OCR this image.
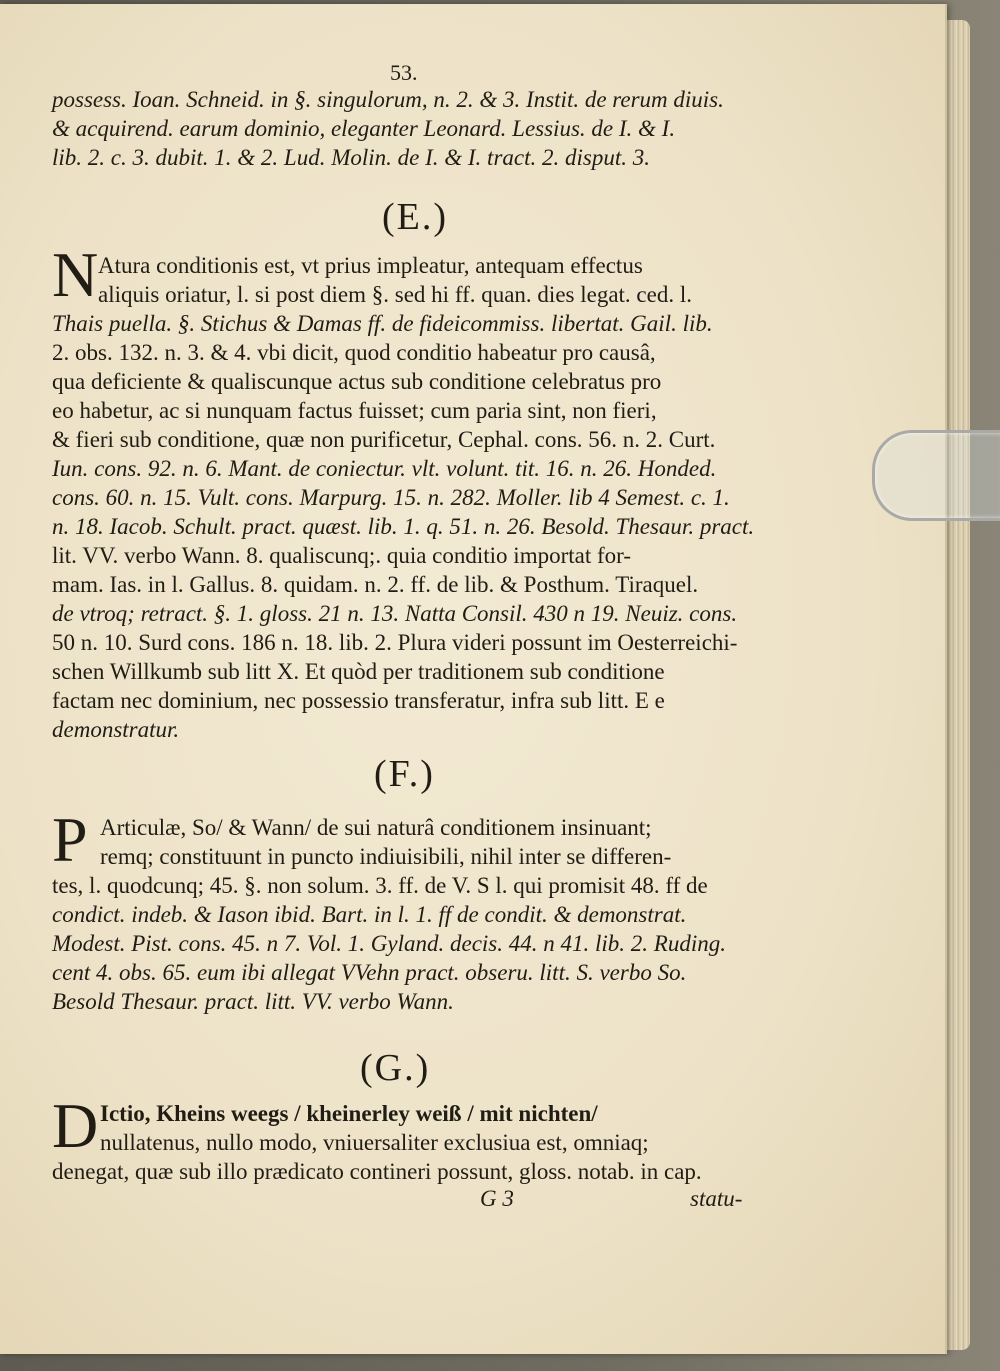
53.
possess. Ioan. Schneid. in §. singulorum, n. 2. & 3. Instit. de rerum diuis.
& acquirend. earum dominio, eleganter Leonard. Lessius. de I. & I.
lib. 2. c. 3. dubit. 1. & 2. Lud. Molin. de I. & I. tract. 2. disput. 3.
(E.)
N Atura conditionis est, vt prius impleatur, antequam effectus
aliquis oriatur, l. si post diem §. sed hi ff. quan. dies legat. ced. l.
Thais puella. §. Stichus & Damas ff. de fideicommiss. libertat. Gail. lib.
2. obs. 132. n. 3. & 4. vbi dicit, quod conditio habeatur pro causâ,
qua deficiente & qualiscunque actus sub conditione celebratus pro
eo habetur, ac si nunquam factus fuisset; cum paria sint, non fieri,
& fieri sub conditione, quæ non purificetur, Cephal. cons. 56. n. 2. Curt.
Iun. cons. 92. n. 6. Mant. de coniectur. vlt. volunt. tit. 16. n. 26. Honded.
cons. 60. n. 15. Vult. cons. Marpurg. 15. n. 282. Moller. lib 4 Semest. c. 1.
n. 18. Iacob. Schult. pract. quæst. lib. 1. q. 51. n. 26. Besold. Thesaur. pract.
lit. VV. verbo Wann. 8. qualiscunq;. quia conditio importat for-
mam. Ias. in l. Gallus. 8. quidam. n. 2. ff. de lib. & Posthum. Tiraquel.
de vtroq; retract. §. 1. gloss. 21 n. 13. Natta Consil. 430 n 19. Neuiz. cons.
50 n. 10. Surd cons. 186 n. 18. lib. 2. Plura videri possunt im Oesterreichi-
schen Willkumb sub litt X. Et quòd per traditionem sub conditione
factam nec dominium, nec possessio transferatur, infra sub litt. E e
demonstratur.
(F.)
P Articulæ, So/ & Wann/ de sui naturâ conditionem insinuant;
remq; constituunt in puncto indiuisibili, nihil inter se differen-
tes, l. quodcunq; 45. §. non solum. 3. ff. de V. S l. qui promisit 48. ff de
condict. indeb. & Iason ibid. Bart. in l. 1. ff de condit. & demonstrat.
Modest. Pist. cons. 45. n 7. Vol. 1. Gyland. decis. 44. n 41. lib. 2. Ruding.
cent 4. obs. 65. eum ibi allegat VVehn pract. obseru. litt. S. verbo So.
Besold Thesaur. pract. litt. VV. verbo Wann.
(G.)
D Ictio, Kheins weegs / kheinerley weiß / mit nichten/
nullatenus, nullo modo, vniuersaliter exclusiua est, omniaq;
denegat, quæ sub illo prædicato contineri possunt, gloss. notab. in cap.
G 3	statu-
